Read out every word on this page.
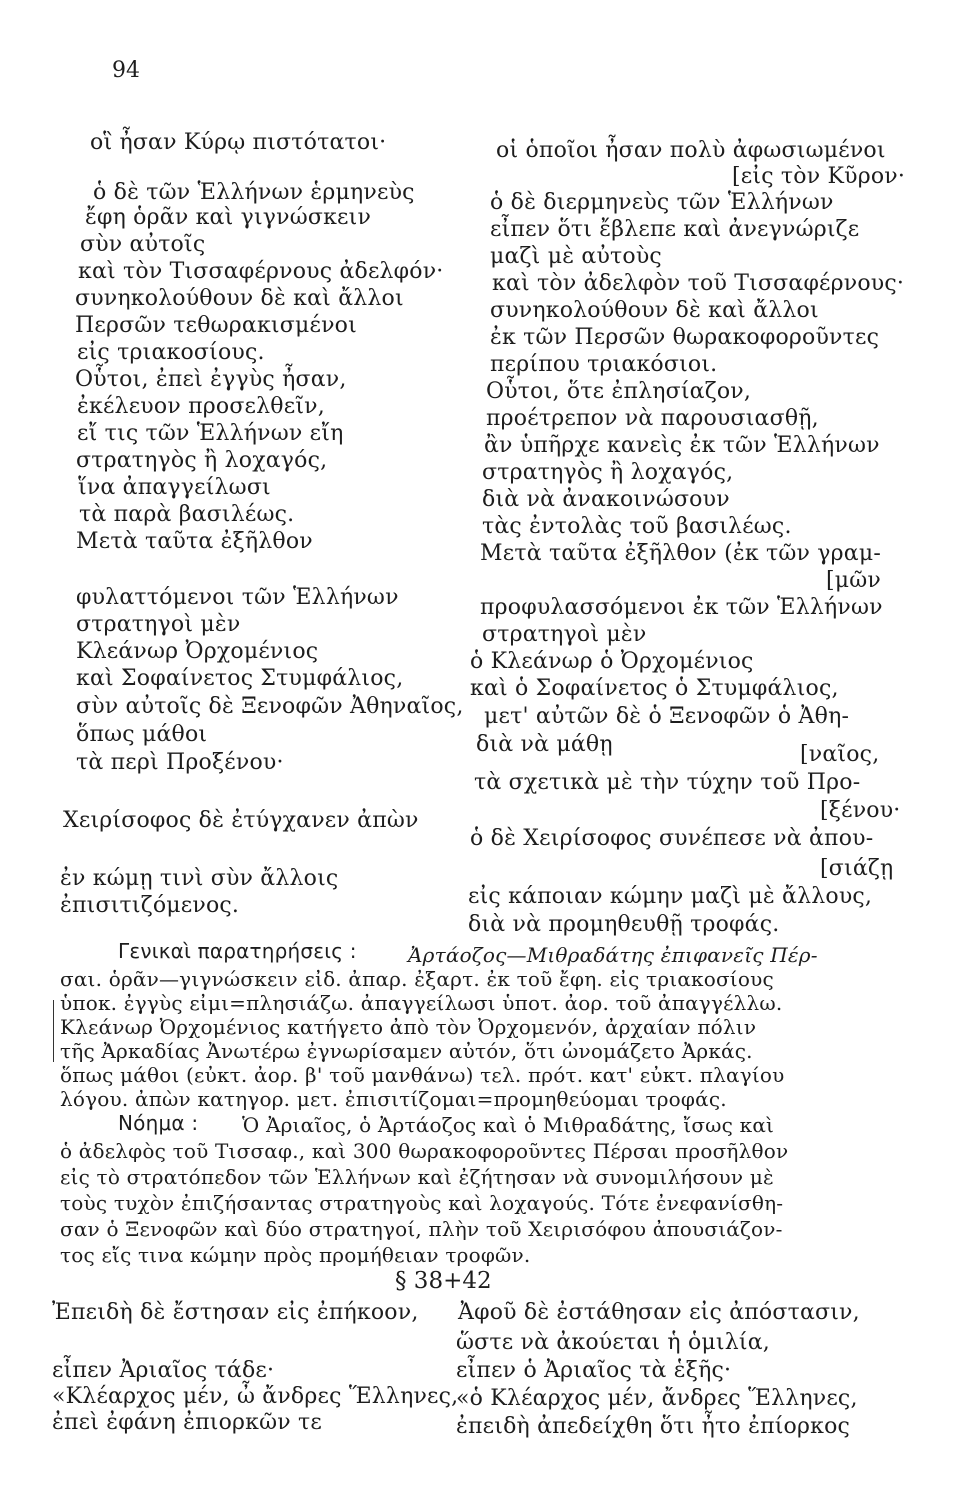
94
οἳ ἦσαν Κύρῳ πιστότατοι·
ὁ δὲ τῶν Ἑλλήνων ἑρμηνεὺς
ἔφη ὁρᾶν καὶ γιγνώσκειν
σὺν αὐτοῖς
καὶ τὸν Τισσαφέρνους ἀδελφόν·
συνηκολούθουν δὲ καὶ ἄλλοι
Περσῶν τεθωρακισμένοι
εἰς τριακοσίους.
Οὗτοι, ἐπεὶ ἐγγὺς ἦσαν,
ἐκέλευον προσελθεῖν,
εἴ τις τῶν Ἑλλήνων εἴη
στρατηγὸς ἢ λοχαγός,
ἵνα ἀπαγγείλωσι
τὰ παρὰ βασιλέως.
Μετὰ ταῦτα ἐξῆλθον
φυλαττόμενοι τῶν Ἑλλήνων
στρατηγοὶ μὲν
Κλεάνωρ Ὀρχομένιος
καὶ Σοφαίνετος Στυμφάλιος,
σὺν αὐτοῖς δὲ Ξενοφῶν Ἀθηναῖος,
ὅπως μάθοι
τὰ περὶ Προξένου·
Χειρίσοφος δὲ ἐτύγχανεν ἀπὼν
ἐν κώμῃ τινὶ σὺν ἄλλοις
ἐπισιτιζόμενος.
οἱ ὁποῖοι ἦσαν πολὺ ἀφωσιωμένοι
[εἰς τὸν Κῦρον·
ὁ δὲ διερμηνεὺς τῶν Ἑλλήνων
εἶπεν ὅτι ἔβλεπε καὶ ἀνεγνώριζε
μαζὶ μὲ αὐτοὺς
καὶ τὸν ἀδελφὸν τοῦ Τισσαφέρνους·
συνηκολούθουν δὲ καὶ ἄλλοι
ἐκ τῶν Περσῶν θωρακοφοροῦντες
περίπου τριακόσιοι.
Οὗτοι, ὅτε ἐπλησίαζον,
προέτρεπον νὰ παρουσιασθῇ,
ἂν ὑπῆρχε κανεὶς ἐκ τῶν Ἑλλήνων
στρατηγὸς ἢ λοχαγός,
διὰ νὰ ἀνακοινώσουν
τὰς ἐντολὰς τοῦ βασιλέως.
Μετὰ ταῦτα ἐξῆλθον (ἐκ τῶν γραμ-
[μῶν
προφυλασσόμενοι ἐκ τῶν Ἑλλήνων
στρατηγοὶ μὲν
ὁ Κλεάνωρ ὁ Ὀρχομένιος
καὶ ὁ Σοφαίνετος ὁ Στυμφάλιος,
μετ' αὐτῶν δὲ ὁ Ξενοφῶν ὁ Ἀθη-
διὰ νὰ μάθῃ	[ναῖος,
τὰ σχετικὰ μὲ τὴν τύχην τοῦ Προ-
[ξένου·
ὁ δὲ Χειρίσοφος συνέπεσε νὰ ἀπου-
[σιάζῃ
εἰς κάποιαν κώμην μαζὶ μὲ ἄλλους,
διὰ νὰ προμηθευθῇ τροφάς.
Γενικαὶ παρατηρήσεις :	Ἀρτάοζος—Μιθραδάτης ἐπιφανεῖς Πέρ-
σαι. ὁρᾶν—γιγνώσκειν εἰδ. ἀπαρ. ἐξαρτ. ἐκ τοῦ ἔφη. εἰς τριακοσίους
ὑποκ. ἐγγὺς εἰμι=πλησιάζω. ἀπαγγείλωσι ὑποτ. ἀορ. τοῦ ἀπαγγέλλω.
Κλεάνωρ Ὀρχομένιος κατήγετο ἀπὸ τὸν Ὀρχομενόν, ἀρχαίαν πόλιν
τῆς Ἀρκαδίας Ἀνωτέρω ἐγνωρίσαμεν αὐτόν, ὅτι ὠνομάζετο Ἀρκάς.
ὅπως μάθοι (εὐκτ. ἀορ. β' τοῦ μανθάνω) τελ. πρότ. κατ' εὐκτ. πλαγίου
λόγου. ἀπὼν κατηγορ. μετ. ἐπισιτίζομαι=προμηθεύομαι τροφάς.
Νόημα : Ὁ Ἀριαῖος, ὁ Ἀρτάοζος καὶ ὁ Μιθραδάτης, ἴσως καὶ
ὁ ἀδελφὸς τοῦ Τισσαφ., καὶ 300 θωρακοφοροῦντες Πέρσαι προσῆλθον
εἰς τὸ στρατόπεδον τῶν Ἑλλήνων καὶ ἐζήτησαν νὰ συνομιλήσουν μὲ
τοὺς τυχὸν ἐπιζήσαντας στρατηγοὺς καὶ λοχαγούς. Τότε ἐνεφανίσθη-
σαν ὁ Ξενοφῶν καὶ δύο στρατηγοί, πλὴν τοῦ Χειρισόφου ἀπουσιάζον-
τος εἴς τινα κώμην πρὸς προμήθειαν τροφῶν.
§ 38+42
Ἐπειδὴ δὲ ἔστησαν εἰς ἐπήκοον,
εἶπεν Ἀριαῖος τάδε·
«Κλέαρχος μέν, ὦ ἄνδρες Ἕλληνες,
ἐπεὶ ἐφάνη ἐπιορκῶν τε
Ἀφοῦ δὲ ἐστάθησαν εἰς ἀπόστασιν,
ὥστε νὰ ἀκούεται ἡ ὁμιλία,
εἶπεν ὁ Ἀριαῖος τὰ ἑξῆς·
«ὁ Κλέαρχος μέν, ἄνδρες Ἕλληνες,
ἐπειδὴ ἀπεδείχθη ὅτι ἦτο ἐπίορκος
